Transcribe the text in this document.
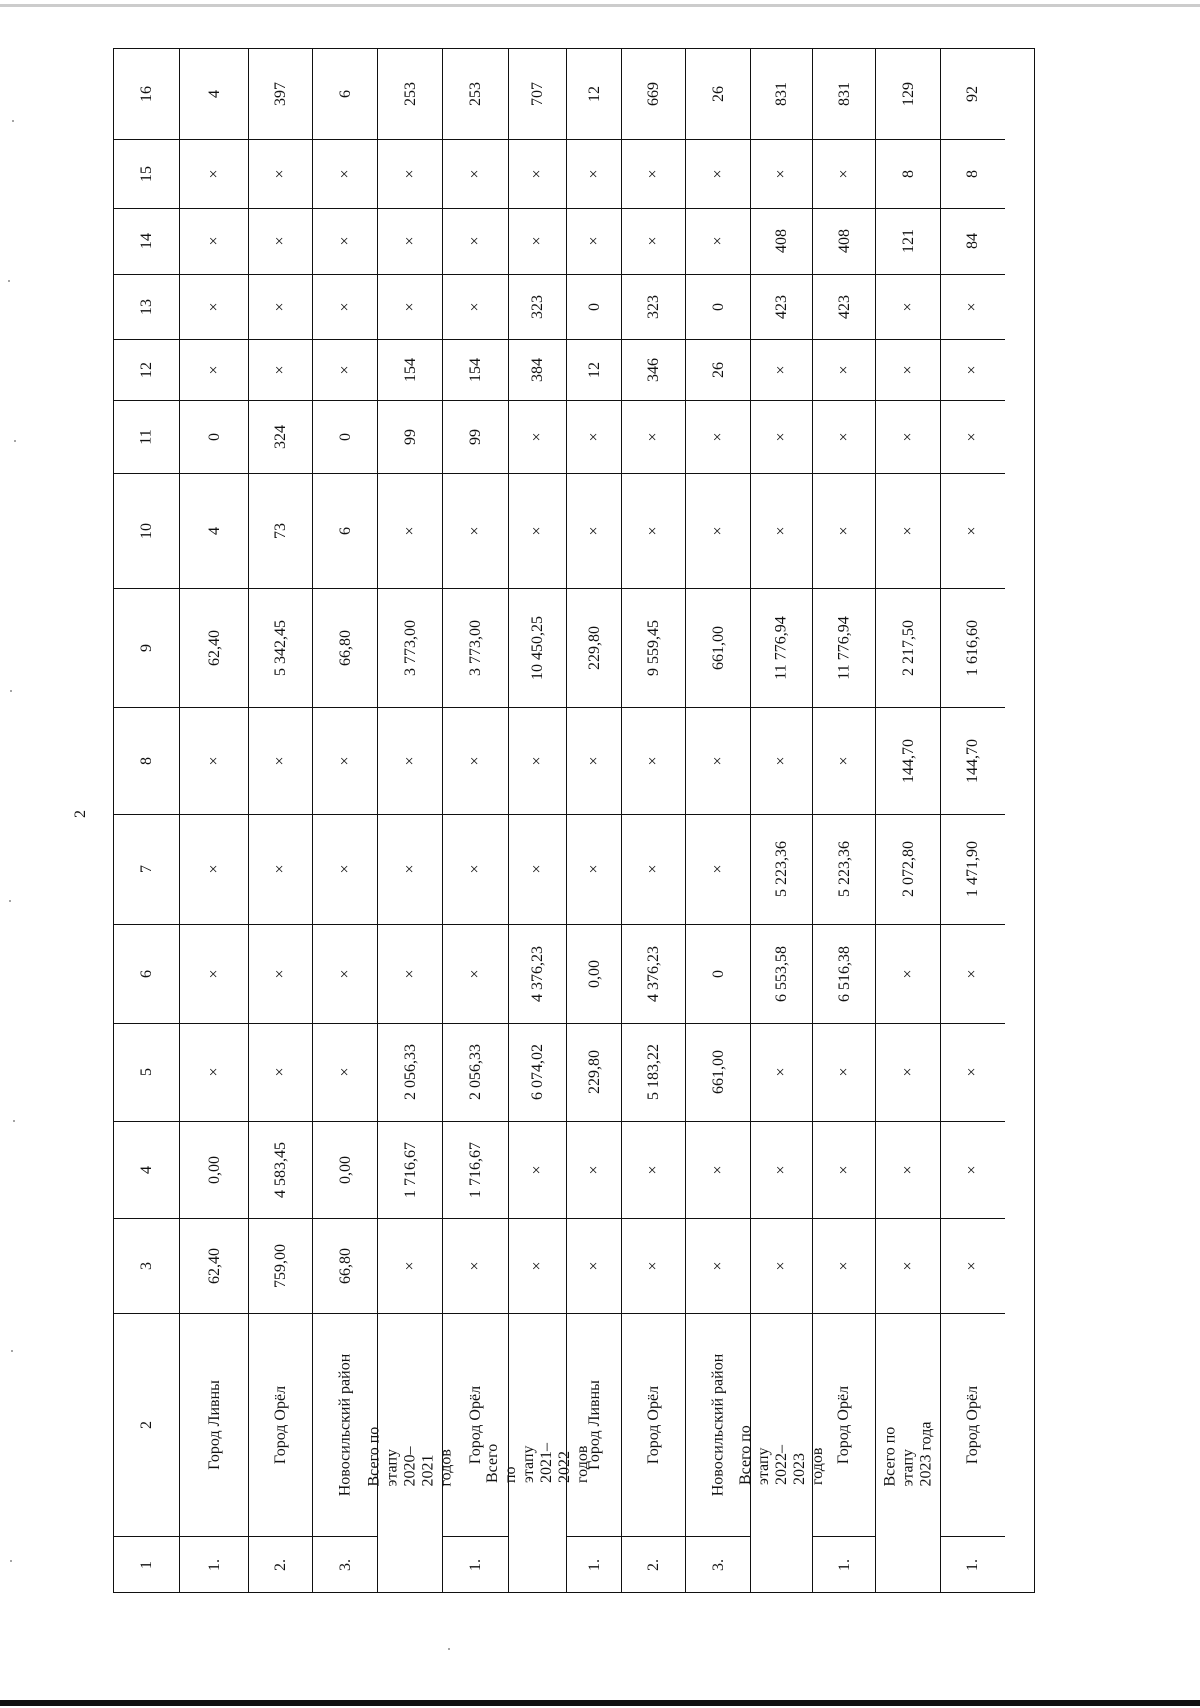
2
1
2
3
4
5
6
7
8
9
10
11
12
13
14
15
16
1.
Город Ливны
62,40
0,00
×
×
×
×
62,40
4
0
×
×
×
×
4
2.
Город Орёл
759,00
4 583,45
×
×
×
×
5 342,45
73
324
×
×
×
×
397
3.
Новосильский район
66,80
0,00
×
×
×
×
66,80
6
0
×
×
×
×
6
Всего по этапу 2020–2021 годов
×
1 716,67
2 056,33
×
×
×
3 773,00
×
99
154
×
×
×
253
1.
Город Орёл
×
1 716,67
2 056,33
×
×
×
3 773,00
×
99
154
×
×
×
253
Всего по этапу 2021–2022 годов
×
×
6 074,02
4 376,23
×
×
10 450,25
×
×
384
323
×
×
707
1.
Город Ливны
×
×
229,80
0,00
×
×
229,80
×
×
12
0
×
×
12
2.
Город Орёл
×
×
5 183,22
4 376,23
×
×
9 559,45
×
×
346
323
×
×
669
3.
Новосильский район
×
×
661,00
0
×
×
661,00
×
×
26
0
×
×
26
Всего по этапу 2022–2023 годов
×
×
×
6 553,58
5 223,36
×
11 776,94
×
×
×
423
408
×
831
1.
Город Орёл
×
×
×
6 516,38
5 223,36
×
11 776,94
×
×
×
423
408
×
831
Всего по этапу 2023 года
×
×
×
×
2 072,80
144,70
2 217,50
×
×
×
×
121
8
129
1.
Город Орёл
×
×
×
×
1 471,90
144,70
1 616,60
×
×
×
×
84
8
92
